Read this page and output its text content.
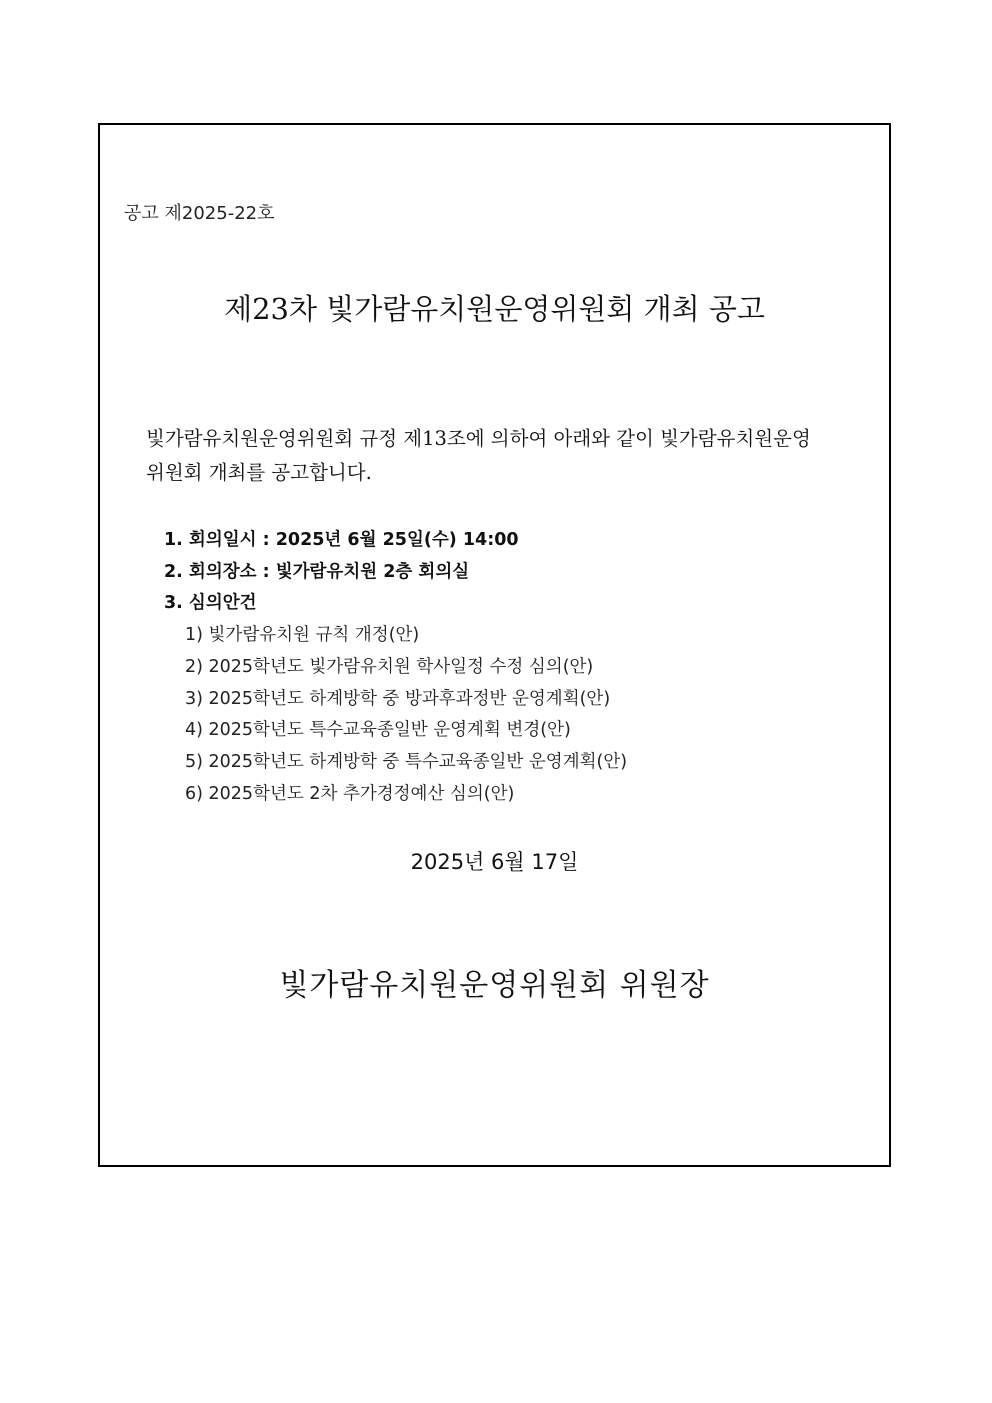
공고 제2025-22호
제23차 빛가람유치원운영위원회 개최 공고
빛가람유치원운영위원회 규정 제13조에 의하여 아래와 같이 빛가람유치원운영
위원회 개최를 공고합니다.
1. 회의일시 : 2025년 6월 25일(수) 14:00
2. 회의장소 : 빛가람유치원 2층 회의실
3. 심의안건
1) 빛가람유치원 규칙 개정(안)
2) 2025학년도 빛가람유치원 학사일정 수정 심의(안)
3) 2025학년도 하계방학 중 방과후과정반 운영계획(안)
4) 2025학년도 특수교육종일반 운영계획 변경(안)
5) 2025학년도 하계방학 중 특수교육종일반 운영계획(안)
6) 2025학년도 2차 추가경정예산 심의(안)
2025년 6월 17일
빛가람유치원운영위원회 위원장
